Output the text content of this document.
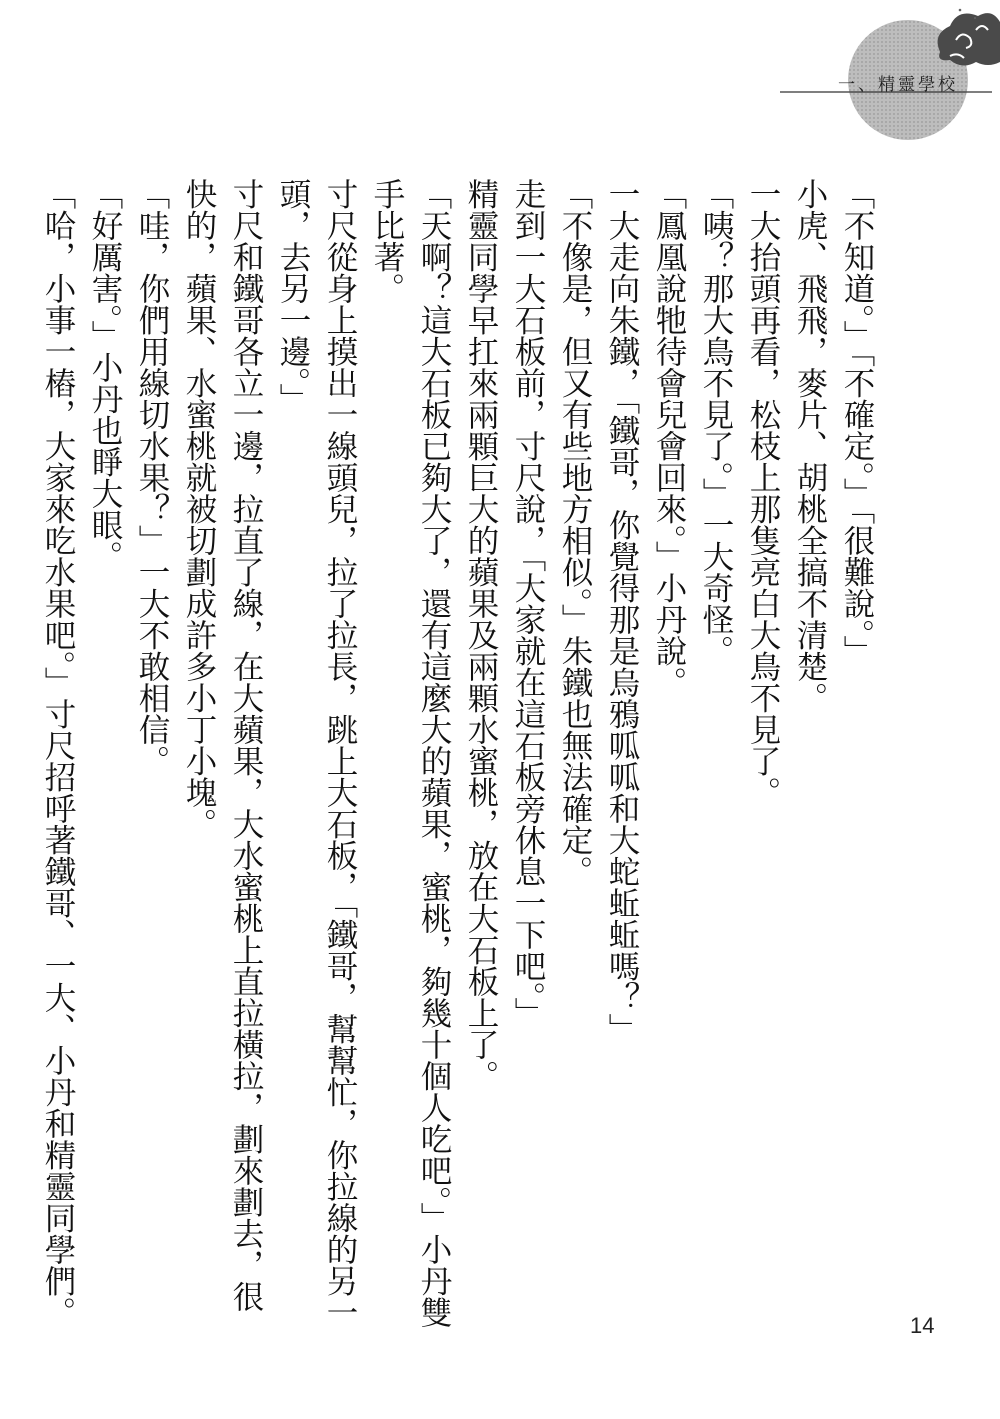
一、精靈學校

「不知道。」「不確定。」「很難說。」

小虎、飛飛，麥片、胡桃全搞不清楚。

一大抬頭再看，松枝上那隻亮白大鳥不見了。

「咦？那大鳥不見了。」一大奇怪。

「鳳凰說牠待會兒會回來。」小丹說。

一大走向朱鐵，「鐵哥，你覺得那是烏鴉呱呱和大蛇蚯蚯嗎？」

「不像是，但又有些地方相似。」朱鐵也無法確定。

走到一大石板前，寸尺說，「大家就在這石板旁休息一下吧。」

精靈同學早扛來兩顆巨大的蘋果及兩顆水蜜桃，放在大石板上了。

「天啊？這大石板已夠大了，還有這麼大的蘋果，蜜桃，夠幾十個人吃吧。」小丹雙手比著。

寸尺從身上摸出一線頭兒，拉了拉長，跳上大石板，「鐵哥，幫幫忙，你拉線的另一頭，去另一邊。」

寸尺和鐵哥各立一邊，拉直了線，在大蘋果，大水蜜桃上直拉橫拉，劃來劃去，很快的，蘋果、水蜜桃就被切劃成許多小丁小塊。

「哇，你們用線切水果？」一大不敢相信。

「好厲害。」小丹也睜大眼。

「哈，小事一樁，大家來吃水果吧。」寸尺招呼著鐵哥、一大、小丹和精靈同學們。	14
